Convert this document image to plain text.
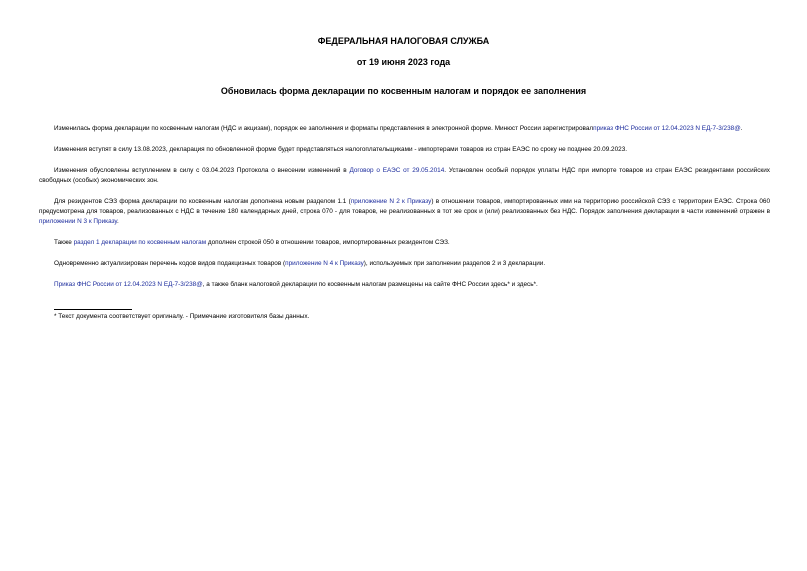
ФЕДЕРАЛЬНАЯ НАЛОГОВАЯ СЛУЖБА
от 19 июня 2023 года
Обновилась форма декларации по косвенным налогам и порядок ее заполнения

Изменилась форма декларации по косвенным налогам (НДС и акцизам), порядок ее заполнения и форматы представления в электронной форме. Минюст России зарегистрировалприказ ФНС России от 12.04.2023 N ЕД-7-3/238@.

Изменения вступят в силу 13.08.2023, декларация по обновленной форме будет представляться налогоплательщиками - импортерами товаров из стран ЕАЭС по сроку не позднее 20.09.2023.

Изменения обусловлены вступлением в силу с 03.04.2023 Протокола о внесении изменений в Договор о ЕАЭС от 29.05.2014. Установлен особый порядок уплаты НДС при импорте товаров из стран ЕАЭС резидентами российских свободных (особых) экономических зон.

Для резидентов СЭЗ форма декларации по косвенным налогам дополнена новым разделом 1.1 (приложение N 2 к Приказу) в отношении товаров, импортированных ими на территорию российской СЭЗ с территории ЕАЭС. Строка 060 предусмотрена для товаров, реализованных с НДС в течение 180 календарных дней, строка 070 - для товаров, не реализованных в тот же срок и (или) реализованных без НДС. Порядок заполнения декларации в части изменений отражен в приложении N 3 к Приказу.

Также раздел 1 декларации по косвенным налогам дополнен строкой 050 в отношении товаров, импортированных резидентом СЭЗ.

Одновременно актуализирован перечень кодов видов подакцизных товаров (приложение N 4 к Приказу), используемых при заполнении разделов 2 и 3 декларации.

Приказ ФНС России от 12.04.2023 N ЕД-7-3/238@, а также бланк налоговой декларации по косвенным налогам размещены на сайте ФНС России здесь* и здесь*.

* Текст документа соответствует оригиналу. - Примечание изготовителя базы данных.
